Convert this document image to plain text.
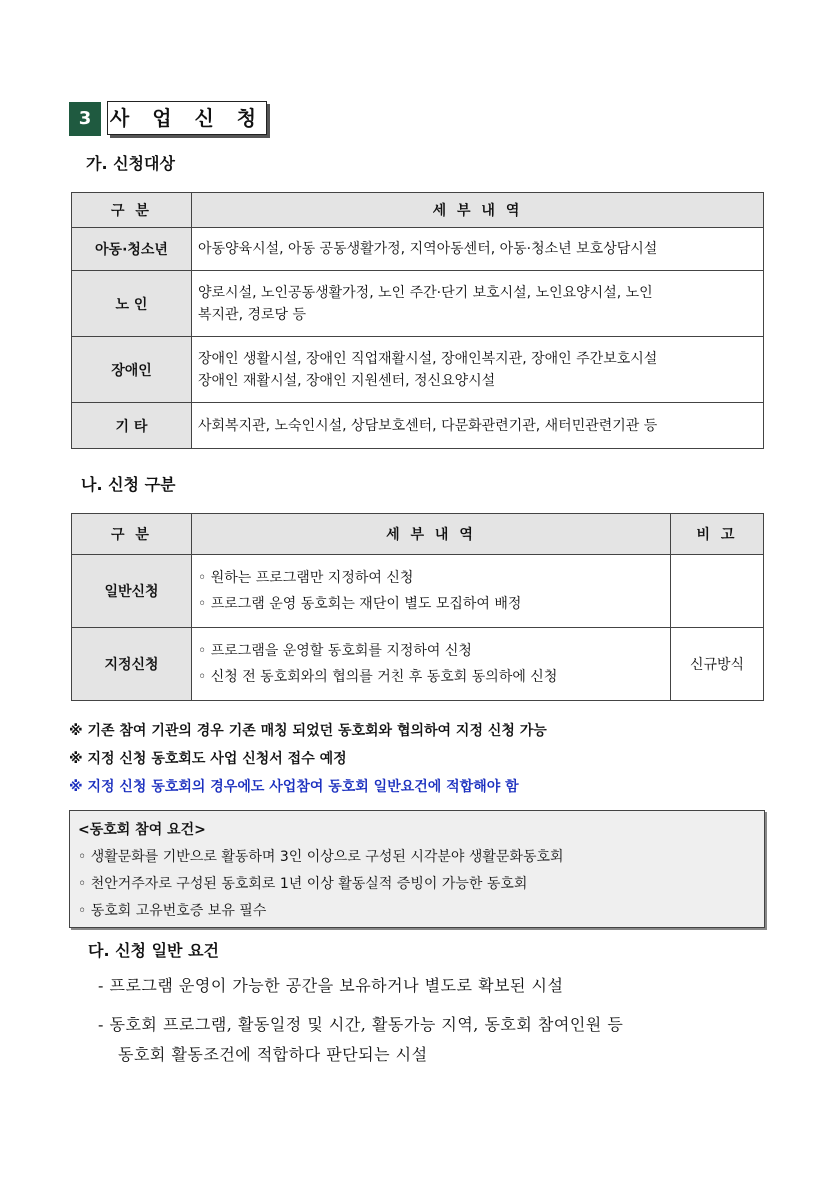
3 사 업 신 청
가. 신청대상
구 분	세 부 내 역
아동·청소년	아동양육시설, 아동 공동생활가정, 지역아동센터, 아동·청소년 보호상담시설

노 인	양로시설, 노인공동생활가정, 노인 주간·단기 보호시설, 노인요양시설, 노인
복지관, 경로당 등

장애인	장애인 생활시설, 장애인 직업재활시설, 장애인복지관, 장애인 주간보호시설
장애인 재활시설, 장애인 지원센터, 정신요양시설

기 타	사회복지관, 노숙인시설, 상담보호센터, 다문화관련기관, 새터민관련기관 등
나. 신청 구분
구 분	세 부 내 역	비 고
일반신청	◦ 원하는 프로그램만 지정하여 신청
◦ 프로그램 운영 동호회는 재단이 별도 모집하여 배정	

지정신청	◦ 프로그램을 운영할 동호회를 지정하여 신청
◦ 신청 전 동호회와의 협의를 거친 후 동호회 동의하에 신청	신규방식
※ 기존 참여 기관의 경우 기존 매칭 되었던 동호회와 협의하여 지정 신청 가능
※ 지정 신청 동호회도 사업 신청서 접수 예정
※ 지정 신청 동호회의 경우에도 사업참여 동호회 일반요건에 적합해야 함
<동호회 참여 요건>
◦ 생활문화를 기반으로 활동하며 3인 이상으로 구성된 시각분야 생활문화동호회
◦ 천안거주자로 구성된 동호회로 1년 이상 활동실적 증빙이 가능한 동호회
◦ 동호회 고유번호증 보유 필수
다. 신청 일반 요건
- 프로그램 운영이 가능한 공간을 보유하거나 별도로 확보된 시설
- 동호회 프로그램, 활동일정 및 시간, 활동가능 지역, 동호회 참여인원 등
동호회 활동조건에 적합하다 판단되는 시설
